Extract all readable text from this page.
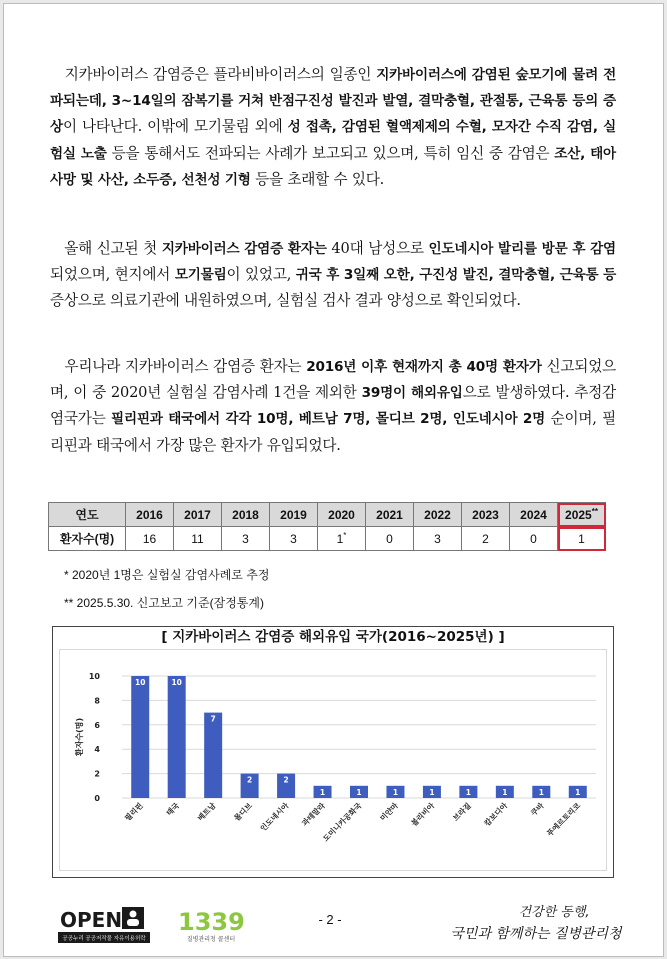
지카바이러스 감염증은 플라비바이러스의 일종인 지카바이러스에 감염된 숲모기에 물려 전파되는데, 3~14일의 잠복기를 거쳐 반점구진성 발진과 발열, 결막충혈, 관절통, 근육통 등의 증상이 나타난다. 이밖에 모기물림 외에 성 접촉, 감염된 혈액제제의 수혈, 모자간 수직 감염, 실험실 노출 등을 통해서도 전파되는 사례가 보고되고 있으며, 특히 임신 중 감염은 조산, 태아 사망 및 사산, 소두증, 선천성 기형 등을 초래할 수 있다.

올해 신고된 첫 지카바이러스 감염증 환자는 40대 남성으로 인도네시아 발리를 방문 후 감염되었으며, 현지에서 모기물림이 있었고, 귀국 후 3일째 오한, 구진성 발진, 결막충혈, 근육통 등 증상으로 의료기관에 내원하였으며, 실험실 검사 결과 양성으로 확인되었다.

우리나라 지카바이러스 감염증 환자는 2016년 이후 현재까지 총 40명 환자가 신고되었으며, 이 중 2020년 실험실 감염사례 1건을 제외한 39명이 해외유입으로 발생하였다. 추정감염국가는 필리핀과 태국에서 각각 10명, 베트남 7명, 몰디브 2명, 인도네시아 2명 순이며, 필리핀과 태국에서 가장 많은 환자가 유입되었다.

연도	2016	2017	2018	2019	2020	2021	2022	2023	2024	2025**
환자수(명)	16	11	3	3	1*	0	3	2	0	1
* 2020년 1명은 실험실 감염사례로 추정
** 2025.5.30. 신고보고 기준(잠정통계)
[ 지카바이러스 감염증 해외유입 국가(2016~2025년) ]
0
2
4
6
8
10
환자수(명)
10
필리핀
10
태국
7
베트남
2
몰디브
2
인도네시아
1
과테말라
1
도미니카공화국
1
미얀마
1
볼리비아
1
브라질
1
캄보디아
1
쿠바
1
푸에르토리코
OPEN
공공누리 공공저작물 자유이용허락
1339
질병관리청 콜센터
- 2 -	건강한 동행,
국민과 함께하는 질병관리청
